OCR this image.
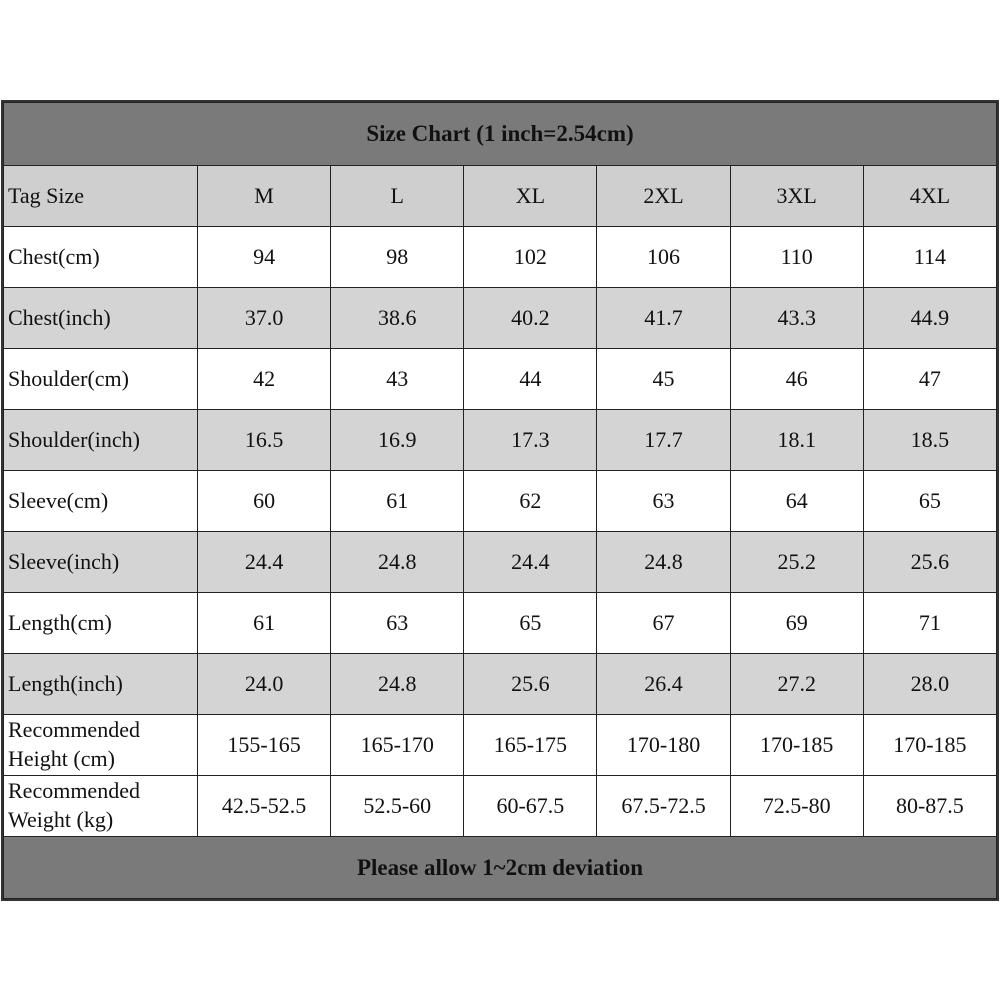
Size Chart (1 inch=2.54cm)						
Tag Size	M	L	XL	2XL	3XL	4XL
Chest(cm)	94	98	102	106	110	114
Chest(inch)	37.0	38.6	40.2	41.7	43.3	44.9
Shoulder(cm)	42	43	44	45	46	47
Shoulder(inch)	16.5	16.9	17.3	17.7	18.1	18.5
Sleeve(cm)	60	61	62	63	64	65
Sleeve(inch)	24.4	24.8	24.4	24.8	25.2	25.6
Length(cm)	61	63	65	67	69	71
Length(inch)	24.0	24.8	25.6	26.4	27.2	28.0
Recommended
Height (cm)	155-165	165-170	165-175	170-180	170-185	170-185
Recommended
Weight (kg)	42.5-52.5	52.5-60	60-67.5	67.5-72.5	72.5-80	80-87.5
Please allow 1~2cm deviation						
